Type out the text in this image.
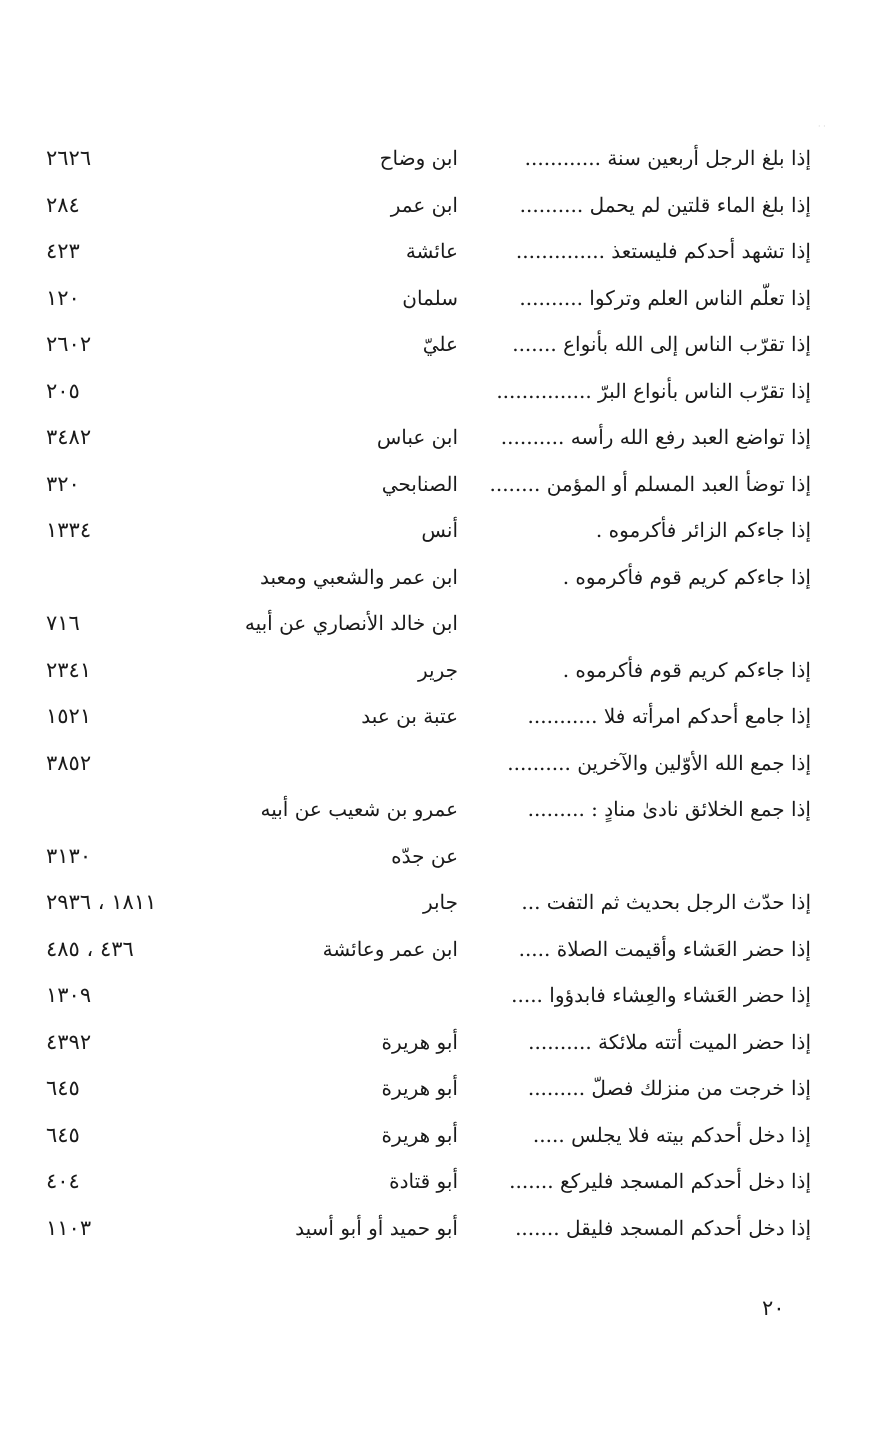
· ·
إذا بلغ الرجل أربعين سنة ............
ابن وضاح
٢٦٢٦
إذا بلغ الماء قلتين لم يحمل ..........
ابن عمر
٢٨٤
إذا تشهد أحدكم فليستعذ ..............
عائشة
٤٢٣
إذا تعلّم الناس العلم وتركوا ..........
سلمان
١٢٠
إذا تقرّب الناس إلى الله بأنواع .......
عليّ
٢٦٠٢
إذا تقرّب الناس بأنواع البرّ ...............
٢٠٥
إذا تواضع العبد رفع الله رأسه ..........
ابن عباس
٣٤٨٢
إذا توضأ العبد المسلم أو المؤمن ........
الصنابحي
٣٢٠
إذا جاءكم الزائر فأكرموه .
أنس
١٣٣٤
إذا جاءكم كريم قوم فأكرموه .
ابن عمر والشعبي ومعبد
ابن خالد الأنصاري عن أبيه
٧١٦
إذا جاءكم كريم قوم فأكرموه .
جرير
٢٣٤١
إذا جامع أحدكم امرأته فلا ...........
عتبة بن عبد
١٥٢١
إذا جمع الله الأوّلين والآخرين ..........
٣٨٥٢
إذا جمع الخلائق نادىٰ منادٍ : .........
عمرو بن شعيب عن أبيه
عن جدّه
٣١٣٠
إذا حدّث الرجل بحديث ثم التفت ...
جابر
١٨١١ ، ٢٩٣٦
إذا حضر العَشاء وأقيمت الصلاة .....
ابن عمر وعائشة
٤٣٦ ، ٤٨٥
إذا حضر العَشاء والعِشاء فابدؤوا .....
١٣٠٩
إذا حضر الميت أتته ملائكة ..........
أبو هريرة
٤٣٩٢
إذا خرجت من منزلك فصلّ .........
أبو هريرة
٦٤٥
إذا دخل أحدكم بيته فلا يجلس .....
أبو هريرة
٦٤٥
إذا دخل أحدكم المسجد فليركع .......
أبو قتادة
٤٠٤
إذا دخل أحدكم المسجد فليقل .......
أبو حميد أو أبو أسيد
١١٠٣
٢٠
